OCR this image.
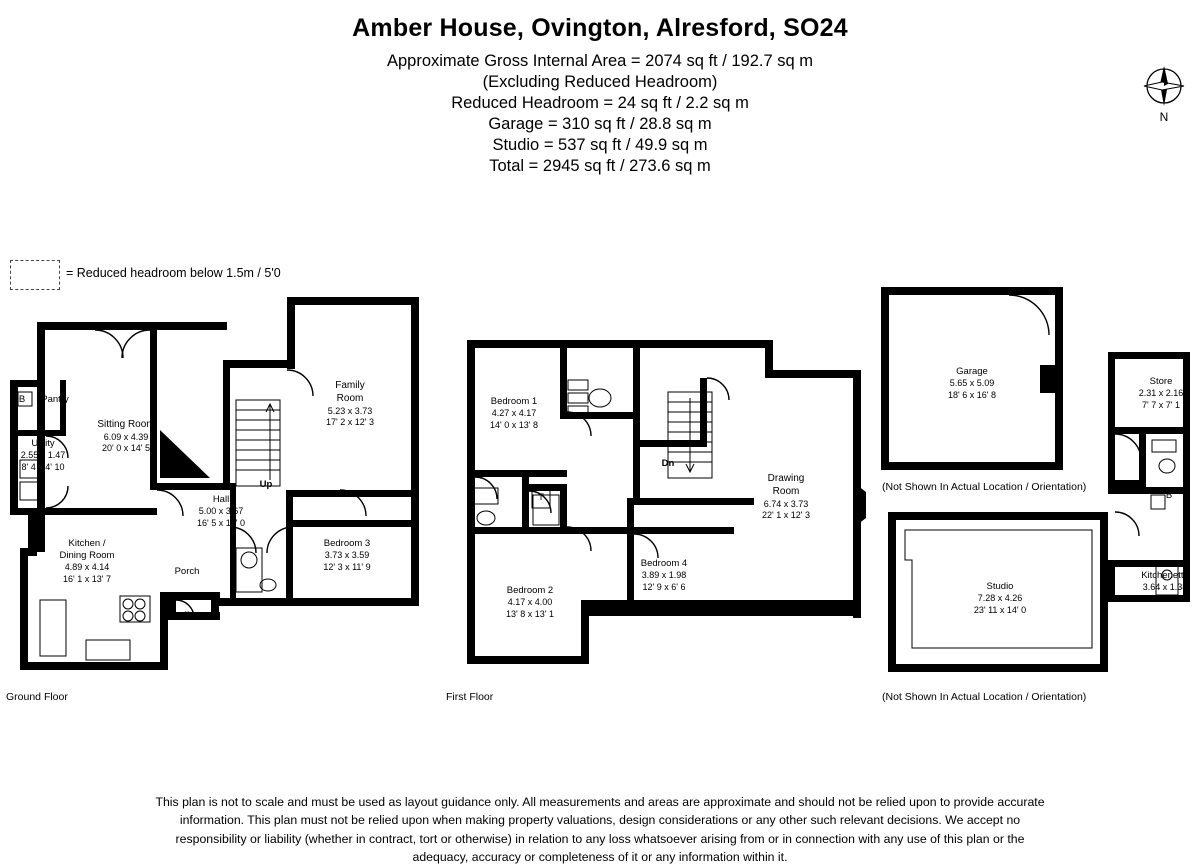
Amber House, Ovington, Alresford, SO24
Approximate Gross Internal Area = 2074 sq ft / 192.7 sq m
(Excluding Reduced Headroom)
Reduced Headroom = 24 sq ft / 2.2 sq m
Garage = 310 sq ft / 28.8 sq m
Studio = 537 sq ft / 49.9 sq m
Total = 2945 sq ft / 273.6 sq m
N
= Reduced headroom below 1.5m / 5'0
Pantry
B
Utility
2.55 x 1.47
8' 4 x 4' 10
Sitting Room
6.09 x 4.39
20' 0 x 14' 5
Family
Room
5.23 x 3.73
17' 2 x 12' 3
Hall
5.00 x 3.67
16' 5 x 12' 0
Kitchen /
Dining Room
4.89 x 4.14
16' 1 x 13' 7
Bedroom 3
3.73 x 3.59
12' 3 x 11' 9
Porch
Up
IN
Bedroom 1
4.27 x 4.17
14' 0 x 13' 8
Bedroom 2
4.17 x 4.00
13' 8 x 13' 1
Bedroom 4
3.89 x 1.98
12' 9 x 6' 6
Drawing
Room
6.74 x 3.73
22' 1 x 12' 3
T
Dn
Garage
5.65 x 5.09
18' 6 x 16' 8
Studio
7.28 x 4.26
23' 11 x 14' 0
Store
2.31 x 2.16
7' 7 x 7' 1
Kitchenette
3.64 x 1.38
11' 11 x 4' 6
B
Ground Floor	First Floor
(Not Shown In Actual Location / Orientation)
(Not Shown In Actual Location / Orientation)
This plan is not to scale and must be used as layout guidance only. All measurements and areas are approximate and should not be relied upon to provide accurate information. This plan must not be relied upon when making property valuations, design considerations or any other such relevant decisions. We accept no responsibility or liability (whether in contract, tort or otherwise) in relation to any loss whatsoever arising from or in connection with any use of this plan or the adequacy, accuracy or completeness of it or any information within it.
